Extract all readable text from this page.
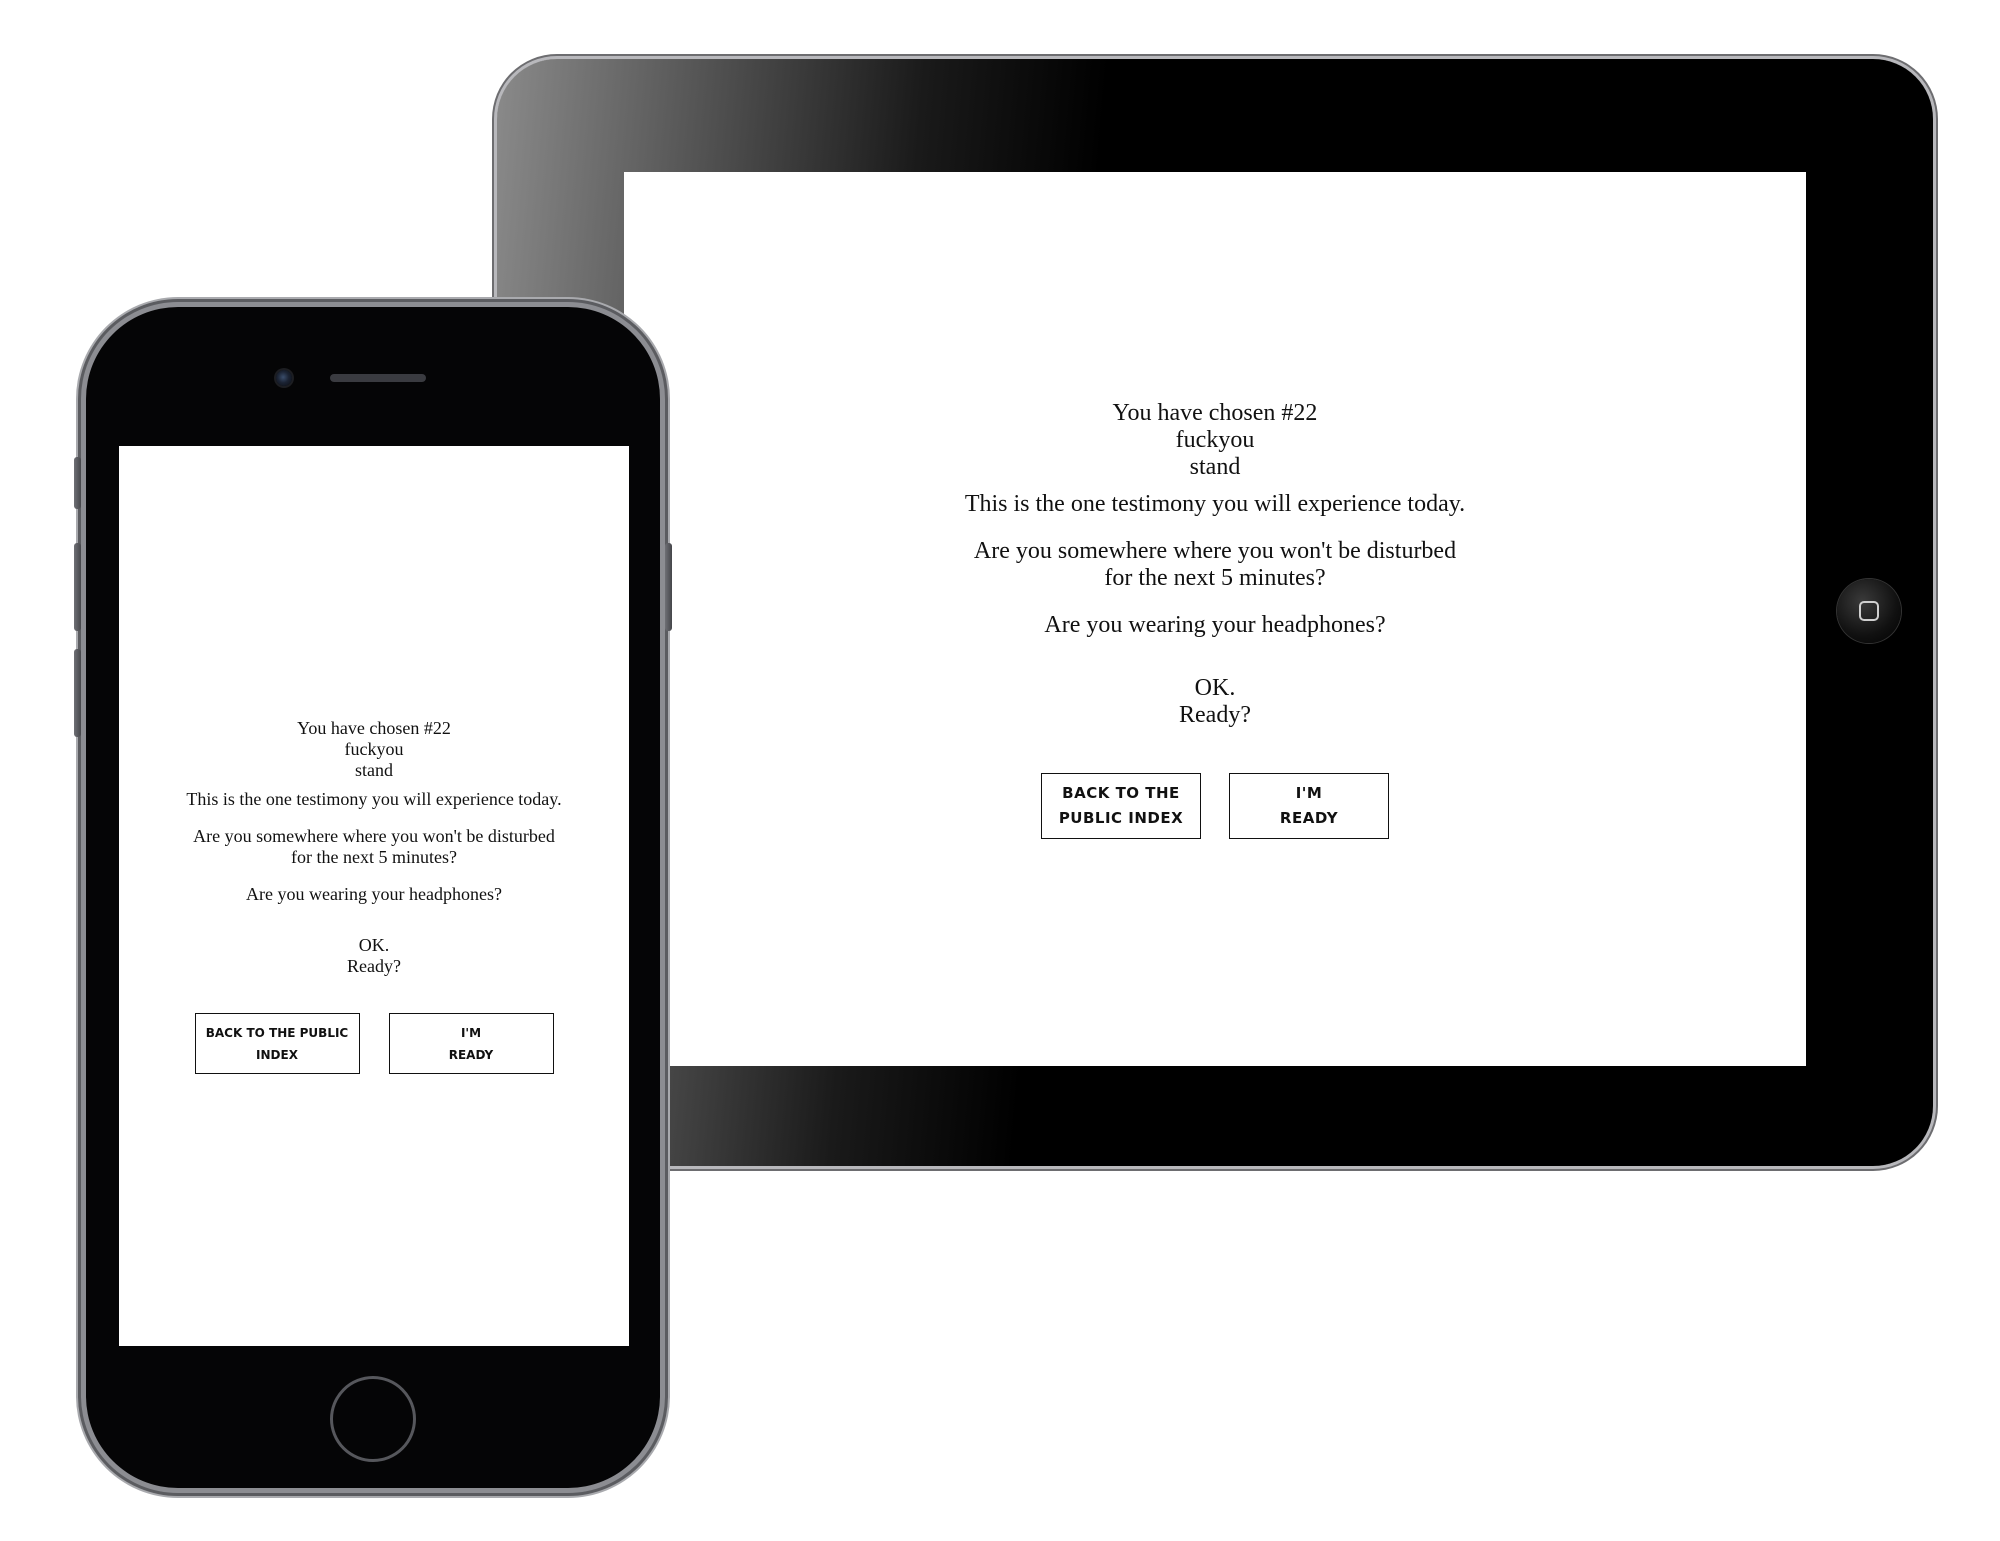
You have chosen #22
fuckyou
stand
This is the one testimony you will experience today.
Are you somewhere where you won't be disturbed
for the next 5 minutes?
Are you wearing your headphones?
OK.
Ready?
BACK TO THE
PUBLIC INDEX
I'M
READY
You have chosen #22
fuckyou
stand
This is the one testimony you will experience today.
Are you somewhere where you won't be disturbed
for the next 5 minutes?
Are you wearing your headphones?
OK.
Ready?
BACK TO THE PUBLIC
INDEX
I'M
READY
